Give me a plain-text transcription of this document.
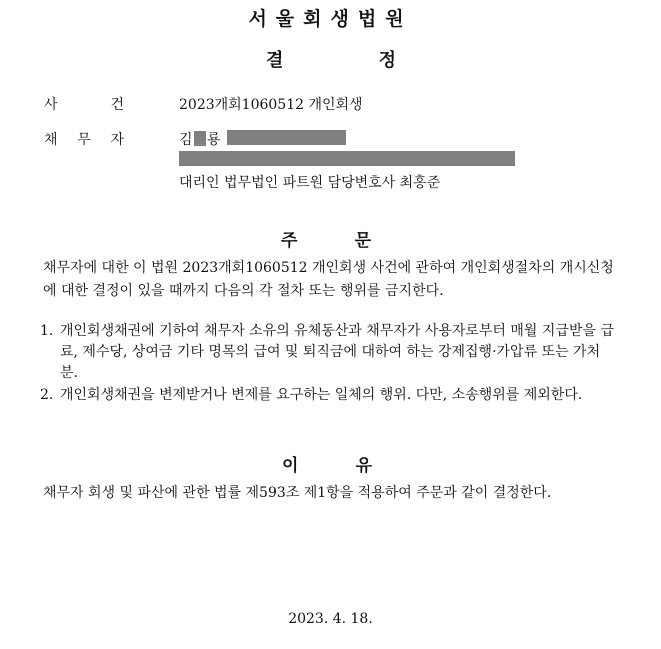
서울회생법원
결	정
사	건	2023개회1060512 개인회생
채 무 자	김 룡
대리인 법무법인 파트원 담당변호사 최홍준
주	문
채무자에 대한 이 법원 2023개회1060512 개인회생 사건에 관하여 개인회생절차의 개시신청에 대한 결정이 있을 때까지 다음의 각 절차 또는 행위를 금지한다.
1. 개인회생채권에 기하여 채무자 소유의 유체동산과 채무자가 사용자로부터 매월 지급받을 급료, 제수당, 상여금 기타 명목의 급여 및 퇴직금에 대하여 하는 강제집행·가압류 또는 가처분.
2. 개인회생채권을 변제받거나 변제를 요구하는 일체의 행위. 다만, 소송행위를 제외한다.
이	유
채무자 회생 및 파산에 관한 법률 제593조 제1항을 적용하여 주문과 같이 결정한다.
2023. 4. 18.
